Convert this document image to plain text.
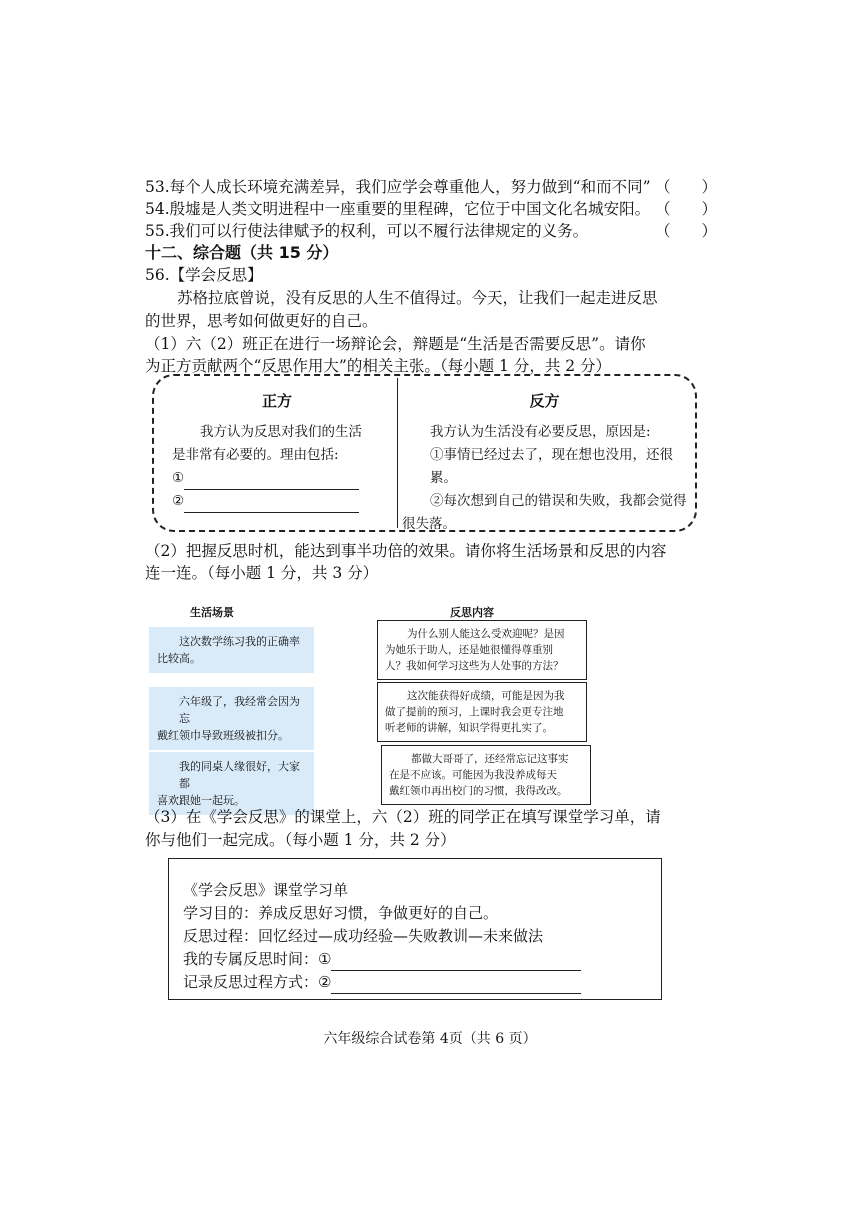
53.每个人成长环境充满差异，我们应学会尊重他人，努力做到“和而不同” （　　）
54.殷墟是人类文明进程中一座重要的里程碑，它位于中国文化名城安阳。 （　　）
55.我们可以行使法律赋予的权利，可以不履行法律规定的义务。	（　　）
十二、综合题（共 15 分）
56.【学会反思】
苏格拉底曾说，没有反思的人生不值得过。今天，让我们一起走进反思
的世界，思考如何做更好的自己。
（1）六（2）班正在进行一场辩论会，辩题是“生活是否需要反思”。请你
为正方贡献两个“反思作用大”的相关主张。（每小题 1 分，共 2 分）
正方
我方认为反思对我们的生活
是非常有必要的。理由包括:
①
②
反方
我方认为生活没有必要反思，原因是:
①事情已经过去了，现在想也没用，还很累。
②每次想到自己的错误和失败，我都会觉得
很失落。
（2）把握反思时机，能达到事半功倍的效果。请你将生活场景和反思的内容
连一连。（每小题 1 分，共 3 分）
生活场景	反思内容
这次数学练习我的正确率
比较高。
六年级了，我经常会因为忘
戴红领巾导致班级被扣分。
我的同桌人缘很好，大家都
喜欢跟她一起玩。
为什么别人能这么受欢迎呢？是因
为她乐于助人，还是她很懂得尊重别
人？我如何学习这些为人处事的方法？
这次能获得好成绩，可能是因为我
做了提前的预习，上课时我会更专注地
听老师的讲解，知识学得更扎实了。
都做大哥哥了，还经常忘记这事实
在是不应该。可能因为我没养成每天
戴红领巾再出校门的习惯，我得改改。
（3）在《学会反思》的课堂上，六（2）班的同学正在填写课堂学习单，请
你与他们一起完成。（每小题 1 分，共 2 分）
《学会反思》课堂学习单
学习目的：养成反思好习惯，争做更好的自己。
反思过程：回忆经过—成功经验—失败教训—未来做法
我的专属反思时间：①
记录反思过程方式：②
六年级综合试卷第 4页（共 6 页）
